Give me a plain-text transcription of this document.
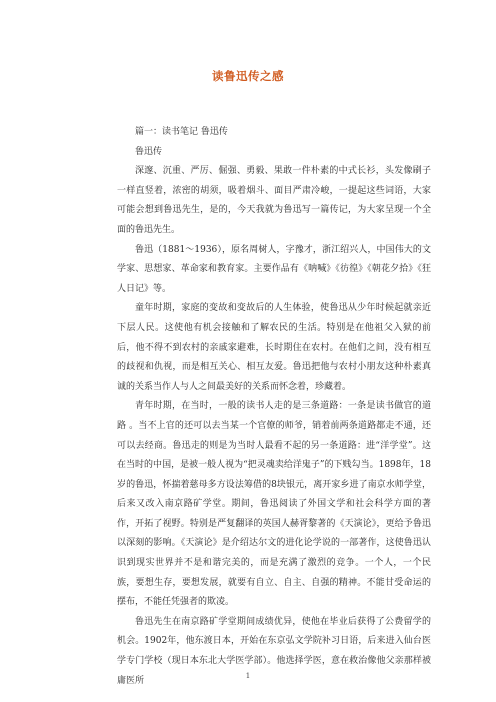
读鲁迅传之感

篇一：读书笔记 鲁迅传

鲁迅传

深邃、沉重、严厉、倔强、勇毅、果敢一件朴素的中式长衫，头发像刷子一样直竖着，浓密的胡须，吸着烟斗、面目严肃冷峻，一提起这些词语，大家可能会想到鲁迅先生，是的，今天我就为鲁迅写一篇传记，为大家呈现一个全面的鲁迅先生。

鲁迅（1881～1936），原名周树人，字豫才，浙江绍兴人，中国伟大的文学家、思想家、革命家和教育家。主要作品有《呐喊》《彷徨》《朝花夕拾》《狂人日记》等。

童年时期，家庭的变故和变故后的人生体验，使鲁迅从少年时候起就亲近下层人民。这使他有机会接触和了解农民的生活。特别是在他祖父入狱的前后，他不得不到农村的亲戚家避难，长时期住在农村。在他们之间，没有相互的歧视和仇视，而是相互关心、相互友爱。鲁迅把他与农村小朋友这种朴素真诚的关系当作人与人之间最美好的关系而怀念着，珍藏着。

青年时期，在当时，一般的读书人走的是三条道路：一条是读书做官的道路 。当不上官的还可以去当某一个官僚的师爷，销着前两条道路都走不通，还可以去经商。鲁迅走的则是为当时人最看不起的另一条道路：进“洋学堂”。这在当时的中国，是被一般人视为“把灵魂卖给洋鬼子”的下贱勾当。1898年，18岁的鲁迅，怀揣着慈母多方设法筹借的8块银元，离开家乡进了南京水师学堂，后来又改入南京路矿学堂。期间，鲁迅阅读了外国文学和社会科学方面的著作，开拓了视野。特别是严复翻译的英国人赫胥黎著的《天演论》，更给予鲁迅以深刻的影响。《天演论》是介绍达尔文的进化论学说的一部著作，这使鲁迅认识到现实世界并不是和谐完美的，而是充满了激烈的竞争。一个人，一个民族，要想生存，要想发展，就要有自立、自主、自强的精神。不能甘受命运的摆布，不能任凭强者的欺凌。

鲁迅先生在南京路矿学堂期间成绩优异，使他在毕业后获得了公费留学的机会。1902年，他东渡日本，开始在东京弘文学院补习日语，后来进入仙台医学专门学校（现日本东北大学医学部）。他选择学医，意在救治像他父亲那样被庸医所	1
